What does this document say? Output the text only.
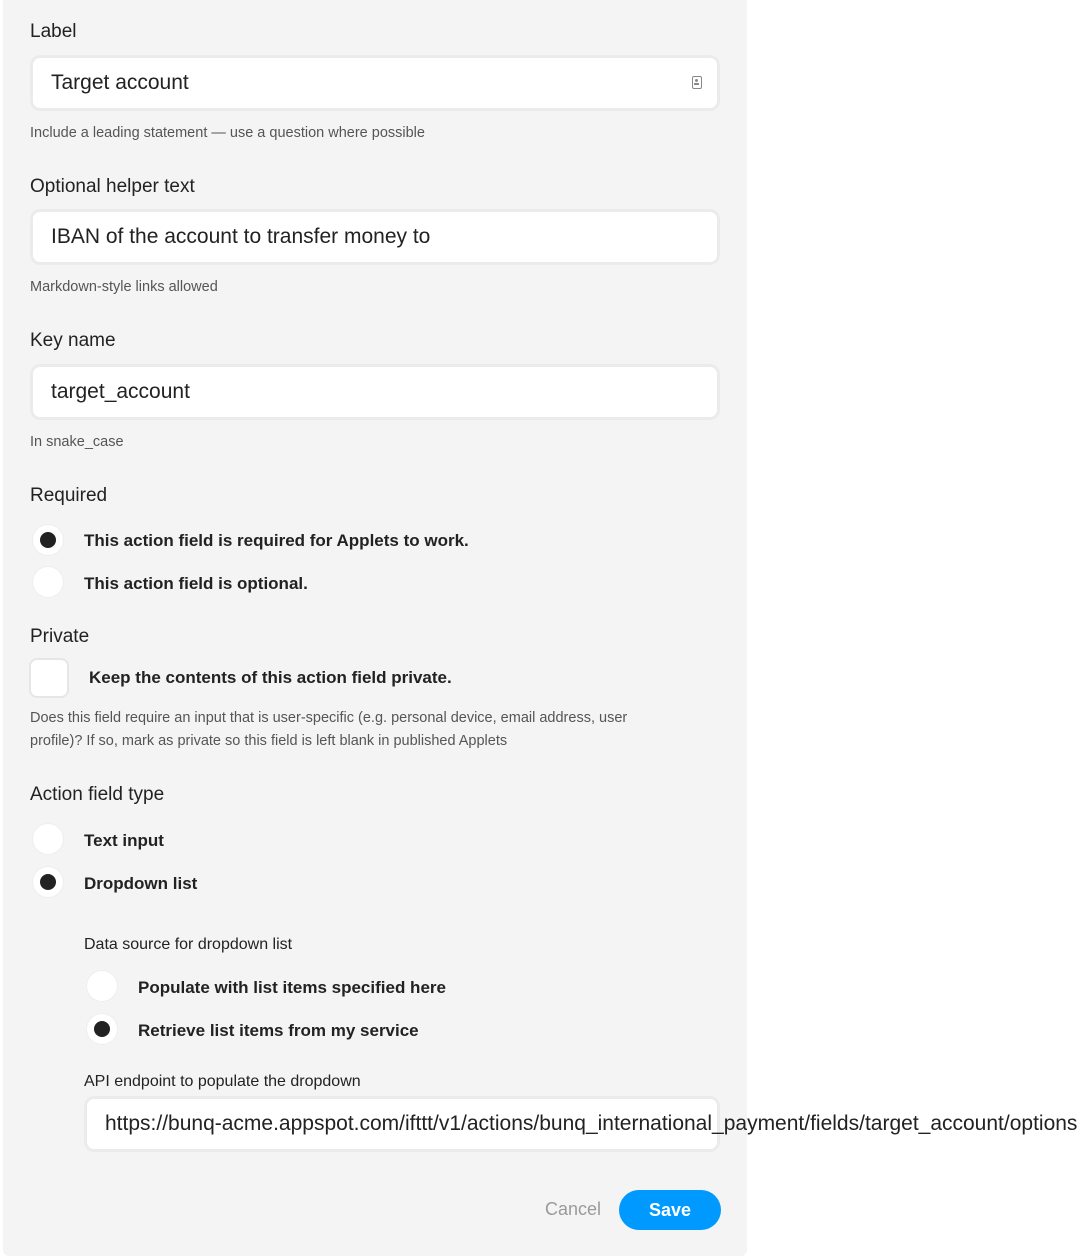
Label
Target account
Include a leading statement — use a question where possible
Optional helper text
IBAN of the account to transfer money to
Markdown-style links allowed
Key name
target_account
In snake_case
Required
This action field is required for Applets to work.
This action field is optional.
Private
Keep the contents of this action field private.
Does this field require an input that is user-specific (e.g. personal device, email address, user
profile)? If so, mark as private so this field is left blank in published Applets
Action field type
Text input
Dropdown list
Data source for dropdown list
Populate with list items specified here
Retrieve list items from my service
API endpoint to populate the dropdown
https://bunq-acme.appspot.com/ifttt/v1/actions/bunq_international_payment/fields/target_account/options
Cancel	Save
